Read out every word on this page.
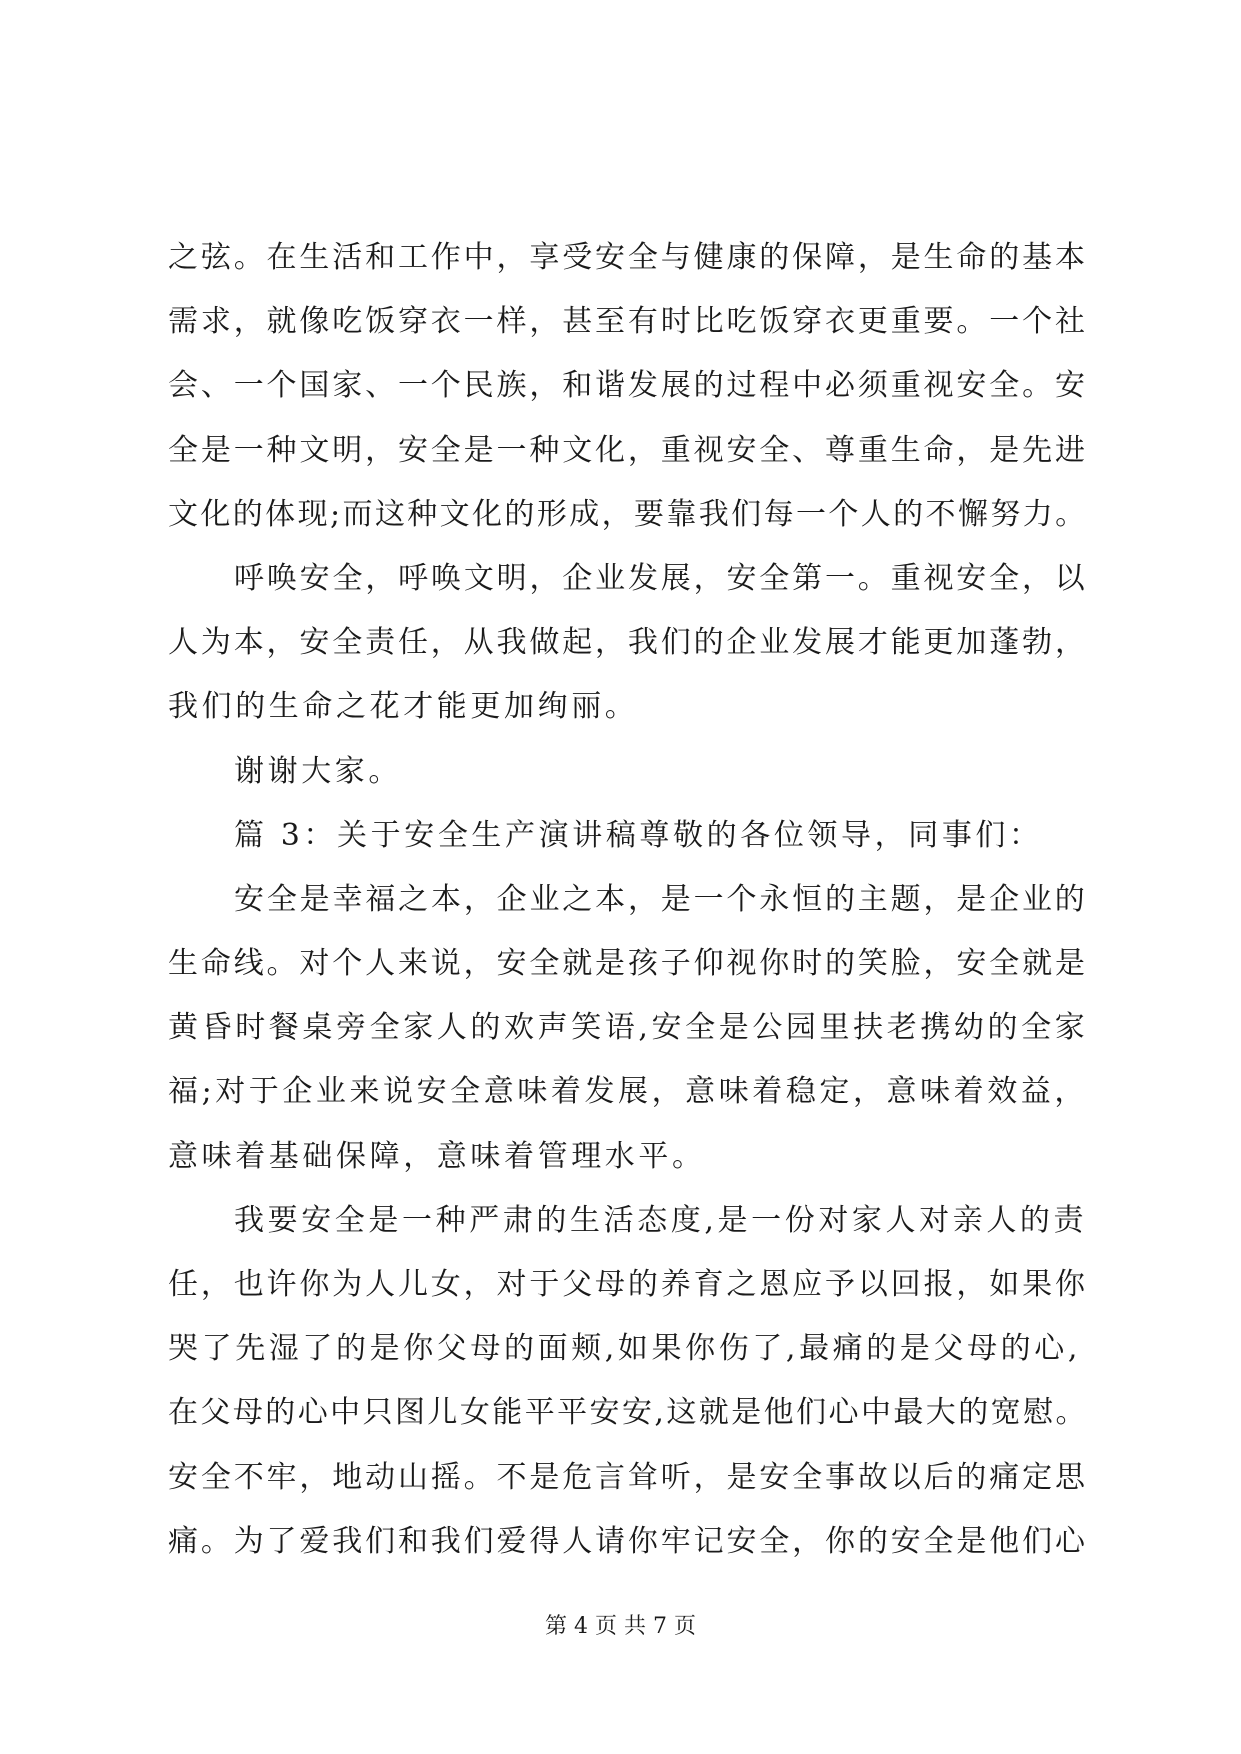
之弦。在生活和工作中，享受安全与健康的保障，是生命的基本
需求，就像吃饭穿衣一样，甚至有时比吃饭穿衣更重要。一个社
会、一个国家、一个民族，和谐发展的过程中必须重视安全。安
全是一种文明，安全是一种文化，重视安全、尊重生命，是先进
文化的体现;而这种文化的形成，要靠我们每一个人的不懈努力。
呼唤安全，呼唤文明，企业发展，安全第一。重视安全，以
人为本，安全责任，从我做起，我们的企业发展才能更加蓬勃，
我们的生命之花才能更加绚丽。
谢谢大家。
篇 3：关于安全生产演讲稿尊敬的各位领导，同事们：
安全是幸福之本，企业之本，是一个永恒的主题，是企业的
生命线。对个人来说，安全就是孩子仰视你时的笑脸，安全就是
黄昏时餐桌旁全家人的欢声笑语,安全是公园里扶老携幼的全家
福;对于企业来说安全意味着发展，意味着稳定，意味着效益，
意味着基础保障，意味着管理水平。
我要安全是一种严肃的生活态度,是一份对家人对亲人的责
任，也许你为人儿女，对于父母的养育之恩应予以回报，如果你
哭了先湿了的是你父母的面颊,如果你伤了,最痛的是父母的心,
在父母的心中只图儿女能平平安安,这就是他们心中最大的宽慰。
安全不牢，地动山摇。不是危言耸听，是安全事故以后的痛定思
痛。为了爱我们和我们爱得人请你牢记安全，你的安全是他们心
第 4 页 共 7 页
